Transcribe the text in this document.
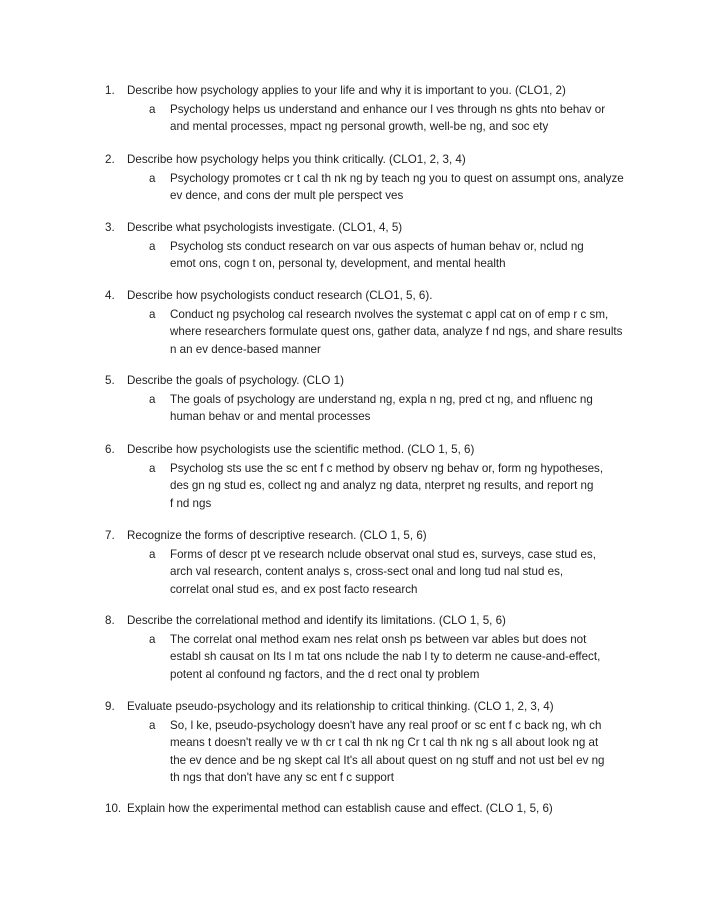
1. Describe how psychology applies to your life and why it is important to you. (CLO1, 2)
a Psychology helps us understand and enhance our l ves through ns ghts nto behav or
and mental processes, mpact ng personal growth, well-be ng, and soc ety
2. Describe how psychology helps you think critically. (CLO1, 2, 3, 4)
a Psychology promotes cr t cal th nk ng by teach ng you to quest on assumpt ons, analyze
ev dence, and cons der mult ple perspect ves
3. Describe what psychologists investigate. (CLO1, 4, 5)
a Psycholog sts conduct research on var ous aspects of human behav or, nclud ng
emot ons, cogn t on, personal ty, development, and mental health
4. Describe how psychologists conduct research (CLO1, 5, 6).
a Conduct ng psycholog cal research nvolves the systemat c appl cat on of emp r c sm,
where researchers formulate quest ons, gather data, analyze f nd ngs, and share results
n an ev dence-based manner
5. Describe the goals of psychology. (CLO 1)
a The goals of psychology are understand ng, expla n ng, pred ct ng, and nfluenc ng
human behav or and mental processes
6. Describe how psychologists use the scientific method. (CLO 1, 5, 6)
a Psycholog sts use the sc ent f c method by observ ng behav or, form ng hypotheses,
des gn ng stud es, collect ng and analyz ng data, nterpret ng results, and report ng
f nd ngs
7. Recognize the forms of descriptive research. (CLO 1, 5, 6)
a Forms of descr pt ve research nclude observat onal stud es, surveys, case stud es,
arch val research, content analys s, cross-sect onal and long tud nal stud es,
correlat onal stud es, and ex post facto research
8. Describe the correlational method and identify its limitations. (CLO 1, 5, 6)
a The correlat onal method exam nes relat onsh ps between var ables but does not
establ sh causat on Its l m tat ons nclude the nab l ty to determ ne cause-and-effect,
potent al confound ng factors, and the d rect onal ty problem
9. Evaluate pseudo-psychology and its relationship to critical thinking. (CLO 1, 2, 3, 4)
a So, l ke, pseudo-psychology doesn't have any real proof or sc ent f c back ng, wh ch
means t doesn't really ve w th cr t cal th nk ng Cr t cal th nk ng s all about look ng at
the ev dence and be ng skept cal It's all about quest on ng stuff and not ust bel ev ng
th ngs that don't have any sc ent f c support
10. Explain how the experimental method can establish cause and effect. (CLO 1, 5, 6)
